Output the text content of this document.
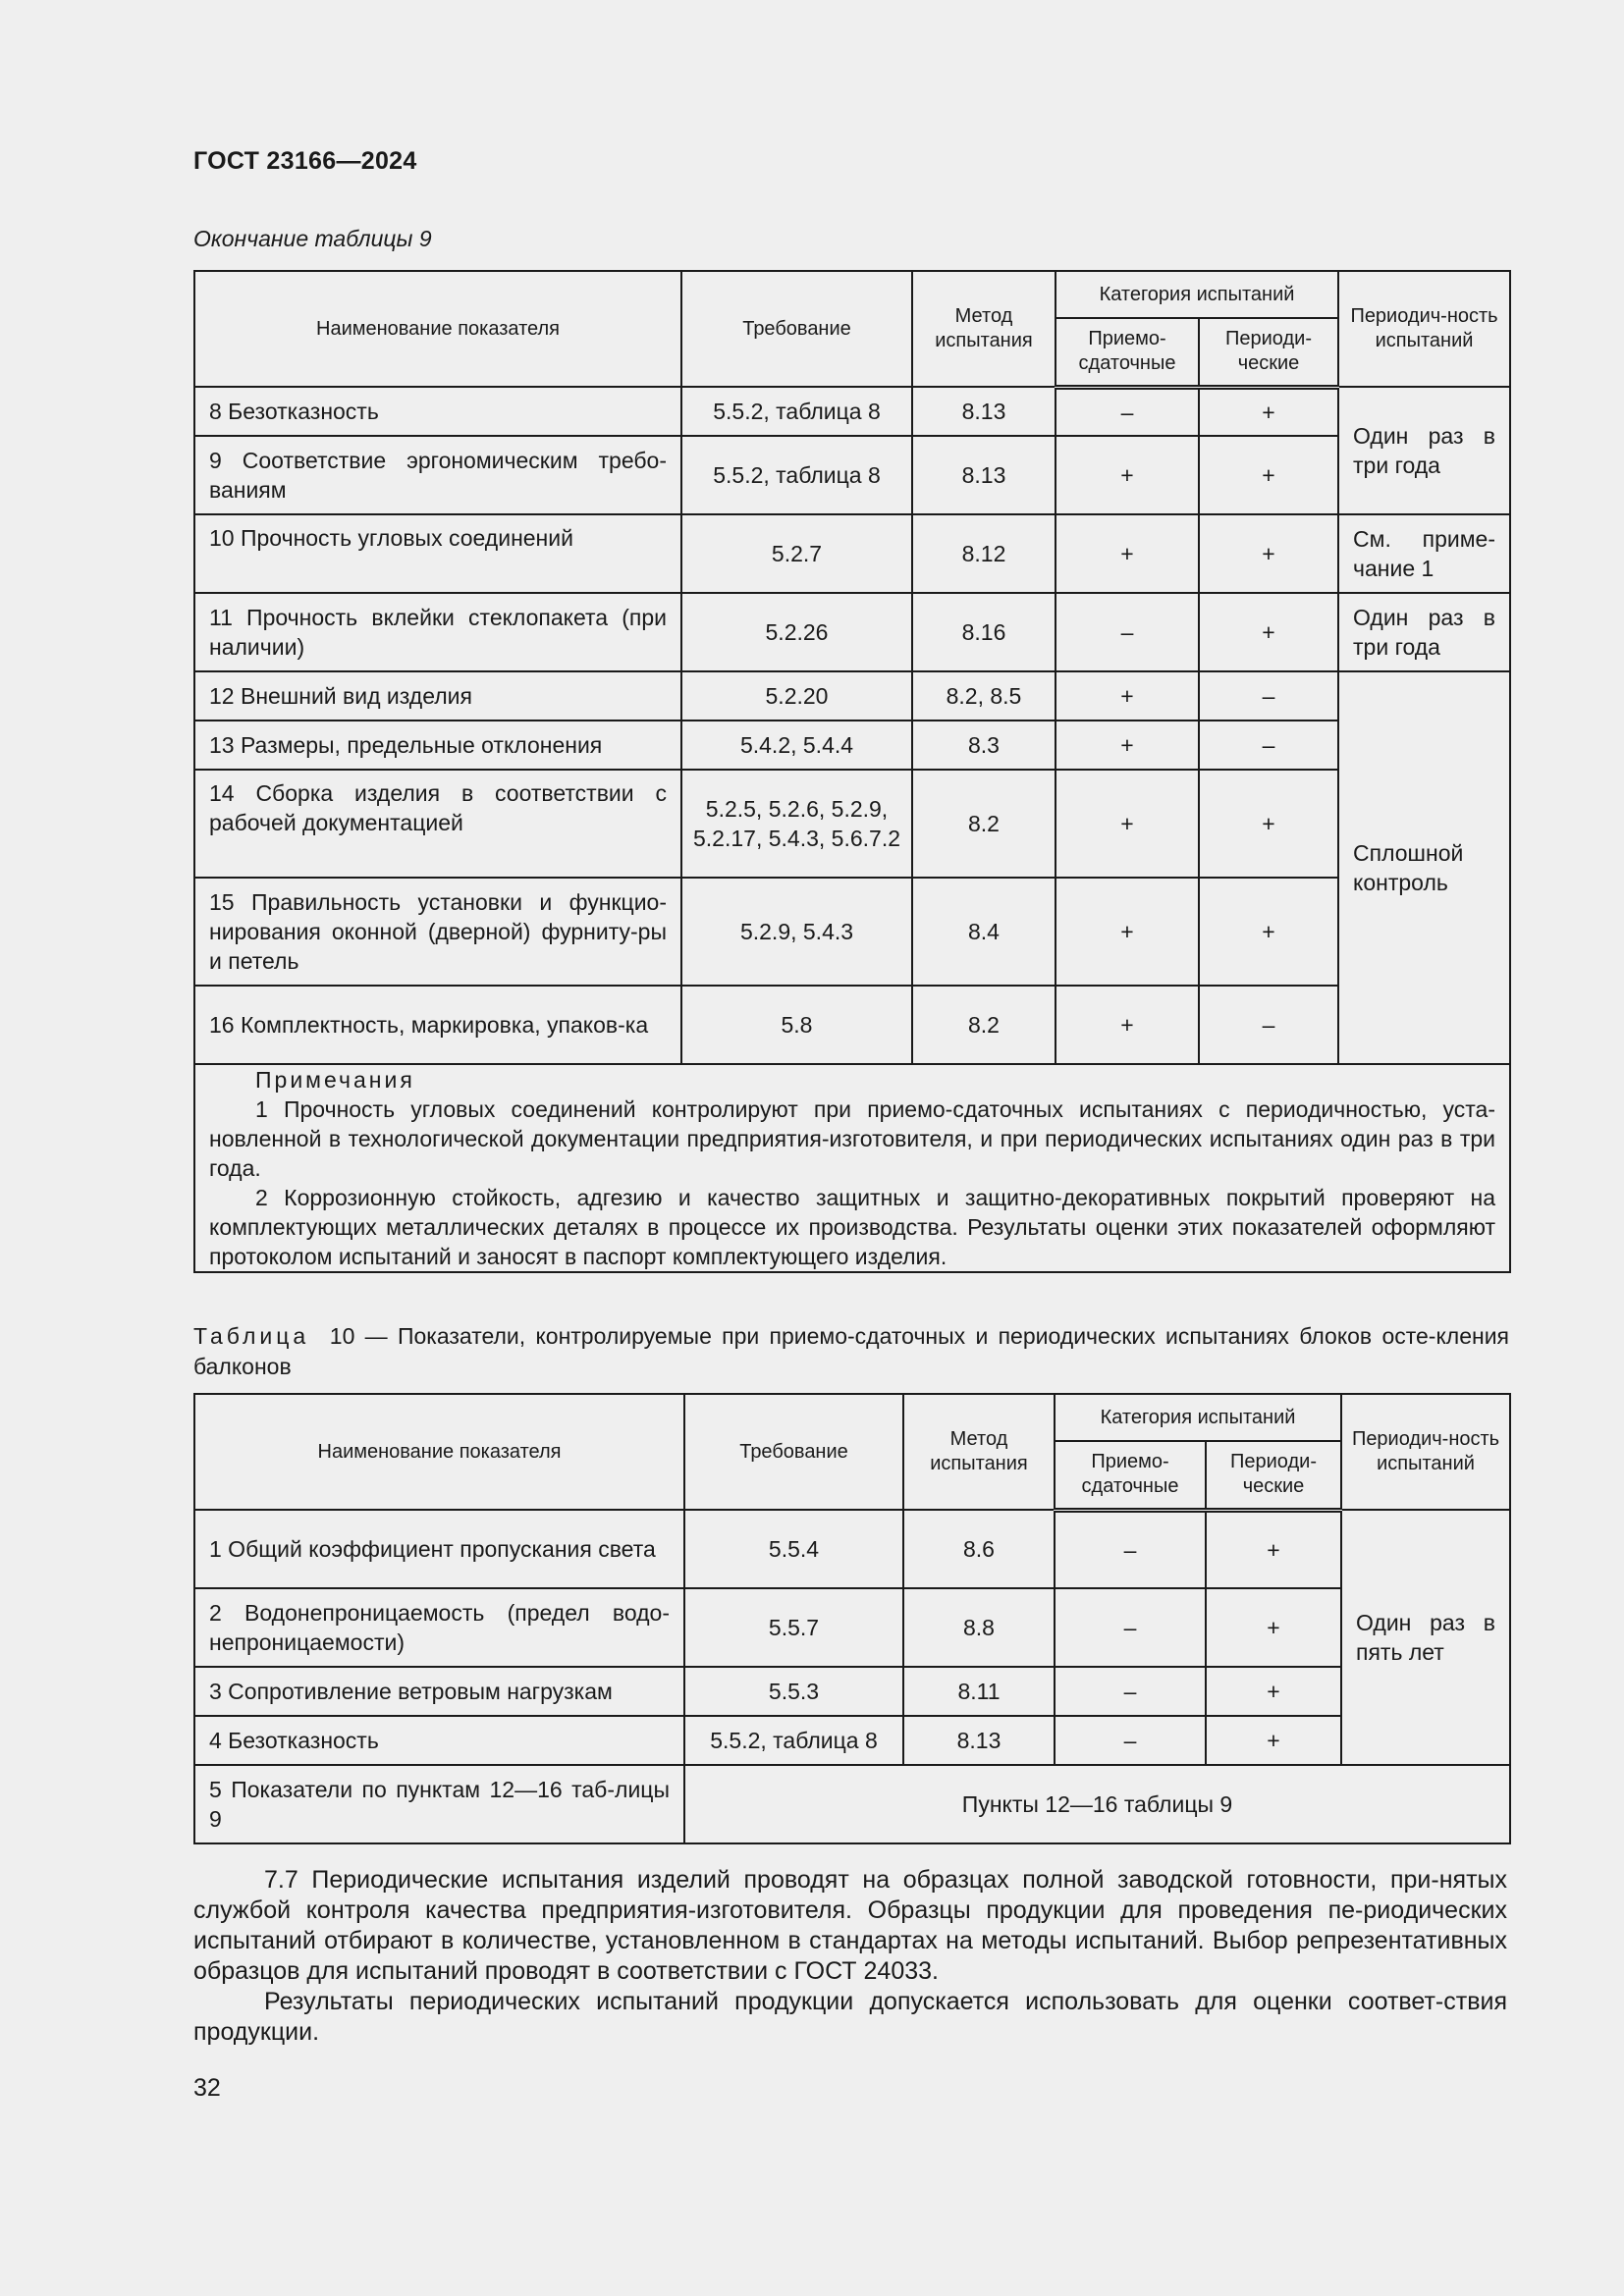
ГОСТ 23166—2024
Окончание таблицы 9
Наименование показателя	Требование	Метод испытания	Категория испытаний		Периодич-ность испытаний
			Приемо-сдаточные	Периоди-ческие	
8 Безотказность	5.5.2, таблица 8	8.13	–	+	Один раз в три года
9 Соответствие эргономическим требо-ваниям	5.5.2, таблица 8	8.13	+	+	
10 Прочность угловых соединений	5.2.7	8.12	+	+	См. приме-чание 1
11 Прочность вклейки стеклопакета (при наличии)	5.2.26	8.16	–	+	Один раз в три года
12 Внешний вид изделия	5.2.20	8.2, 8.5	+	–	Сплошной контроль
13 Размеры, предельные отклонения	5.4.2, 5.4.4	8.3	+	–	
14 Сборка изделия в соответствии с рабочей документацией	5.2.5, 5.2.6, 5.2.9, 5.2.17, 5.4.3, 5.6.7.2	8.2	+	+	
15 Правильность установки и функцио-нирования оконной (дверной) фурниту-ры и петель	5.2.9, 5.4.3	8.4	+	+	
16 Комплектность, маркировка, упаков-ка	5.8	8.2	+	–	

Примечания

1 Прочность угловых соединений контролируют при приемо-сдаточных испытаниях с периодичностью, уста-новленной в технологической документации предприятия-изготовителя, и при периодических испытаниях один раз в три года.

2 Коррозионную стойкость, адгезию и качество защитных и защитно-декоративных покрытий проверяют на комплектующих металлических деталях в процессе их производства. Результаты оценки этих показателей оформляют протоколом испытаний и заносят в паспорт комплектующего изделия.					

Таблица 10 — Показатели, контролируемые при приемо-сдаточных и периодических испытаниях блоков осте-кления балконов
Наименование показателя	Требование	Метод испытания	Категория испытаний		Периодич-ность испытаний
			Приемо-сдаточные	Периоди-ческие	
1 Общий коэффициент пропускания света	5.5.4	8.6	–	+	Один раз в пять лет
2 Водонепроницаемость (предел водо-непроницаемости)	5.5.7	8.8	–	+	
3 Сопротивление ветровым нагрузкам	5.5.3	8.11	–	+	
4 Безотказность	5.5.2, таблица 8	8.13	–	+	
5 Показатели по пунктам 12—16 таб-лицы 9	Пункты 12—16 таблицы 9				

7.7 Периодические испытания изделий проводят на образцах полной заводской готовности, при-нятых службой контроля качества предприятия-изготовителя. Образцы продукции для проведения пе-риодических испытаний отбирают в количестве, установленном в стандартах на методы испытаний. Выбор репрезентативных образцов для испытаний проводят в соответствии с ГОСТ 24033.

Результаты периодических испытаний продукции допускается использовать для оценки соответ-ствия продукции.

32
